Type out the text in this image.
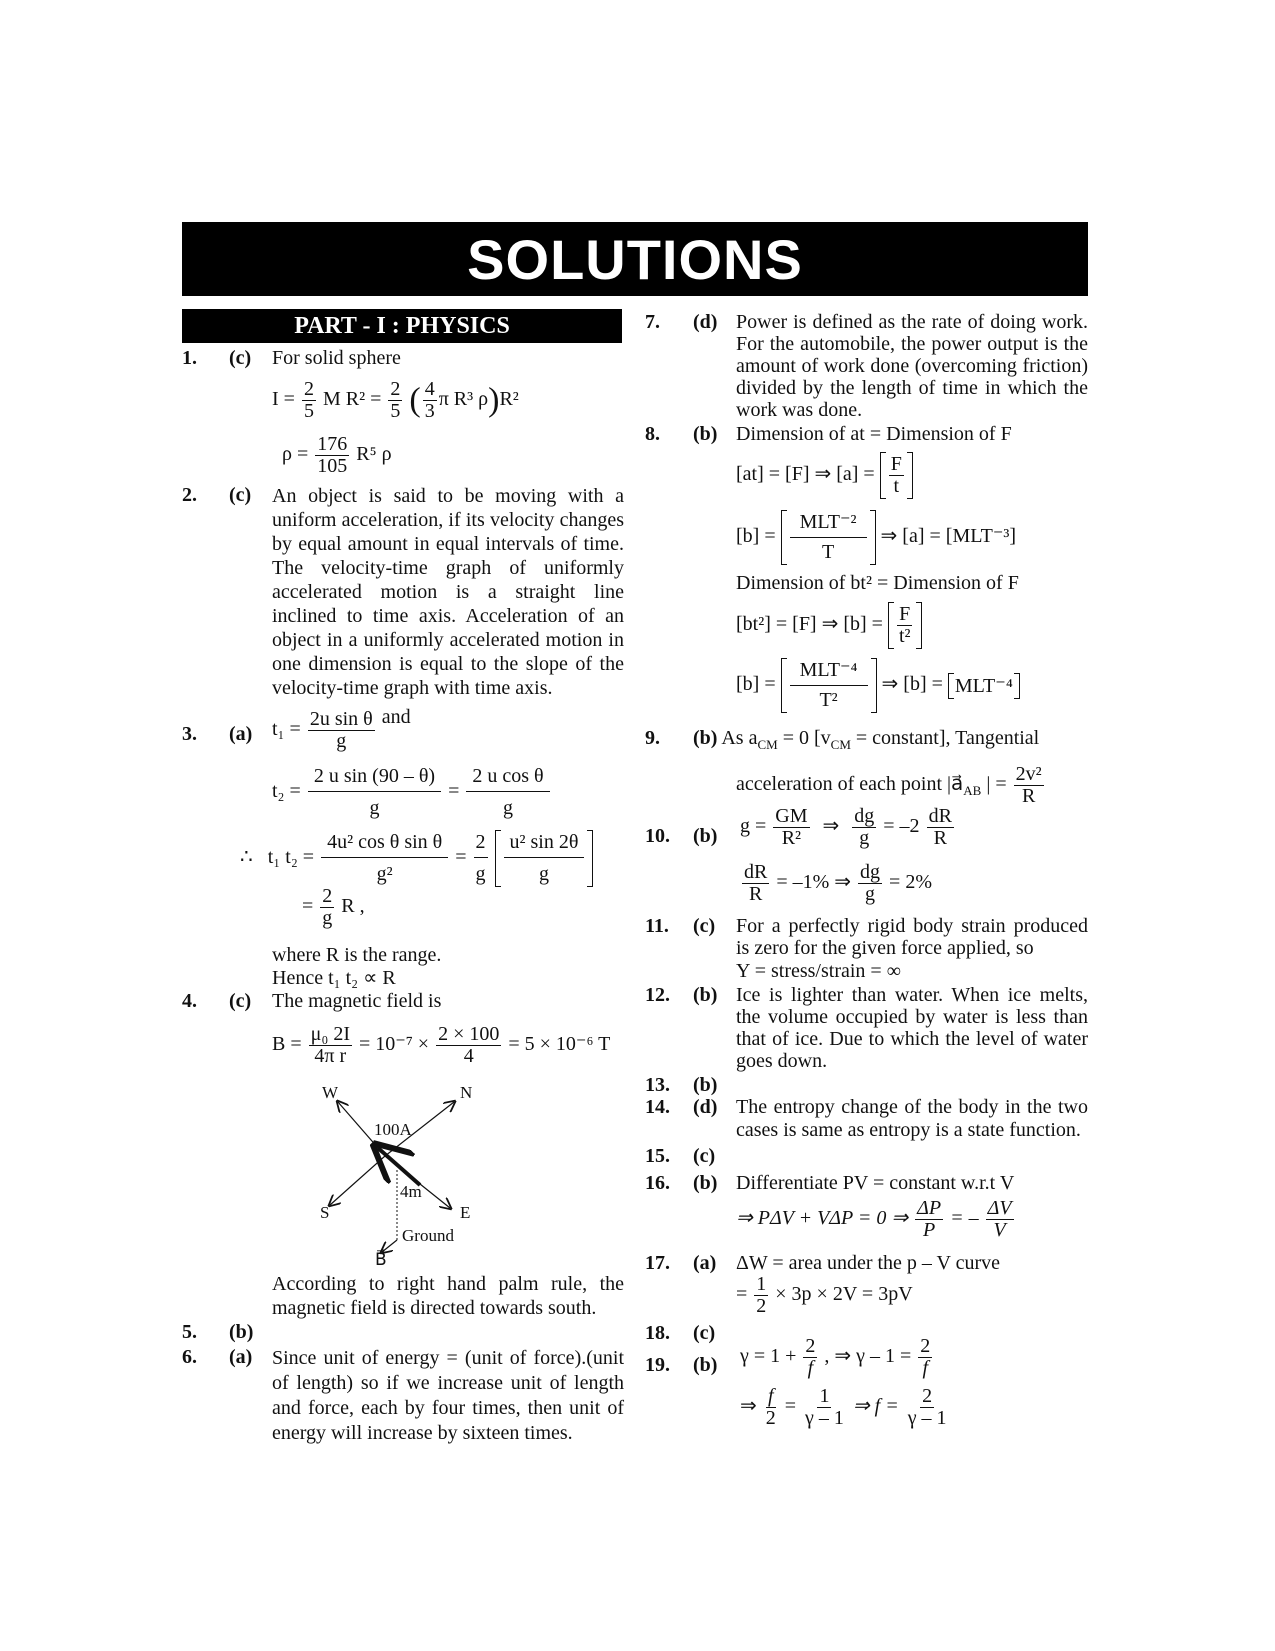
SOLUTIONS
PART - I : PHYSICS
1. (c) For solid sphere
$I = \frac{2}{5}$ M $R^2 = \frac{2}{5}$ ( $\frac{4}{3}$ π R³ ρ)R²
$\rho = \frac{176}{105} R^5$ ρ
2. (c) An object is said to be moving with a uniform acceleration, if its velocity changes by equal amount in equal intervals of time. The velocity-time graph of uniformly accelerated motion is a straight line inclined to time axis. Acceleration of an object in a uniformly accelerated motion in one dimension is equal to the slope of the velocity-time graph with time axis.
3. (a) $t_1 = \frac{\text{2u sin θ}}{g}$ and
$t_2 = \frac{\text{2 u sin (90 – θ)}}{g} = \frac{\text{2 u cos θ}}{g}$
∴ t₁ $t_2 = \frac{\text{4u² cos θ sin θ}}{\text{g²}} = \frac{2}{g}$
$\frac{\text{u² sin 2θ}}{g}$
= $\frac{2}{g}$ R ,
where R is the range.
Hence t₁ t₂ ∝ R
4. (c) The magnetic field is
$B = \frac{\text{μ₀ 2I}}{\text{4π r}} = 10^{-7} \times \frac{2 \times 100}{4} = 5 \times 10^{-6}$ T
W	N
S	E
100A
4m
Ground
B⃗
According to right hand palm rule, the magnetic field is directed towards south.
5. (b)
6. (a) Since unit of energy = (unit of force).(unit of length) so if we increase unit of length and force, each by four times, then unit of energy will increase by sixteen times.
7. (d) Power is defined as the rate of doing work. For the automobile, the power output is the amount of work done (overcoming friction) divided by the length of time in which the work was done.
8. (b) Dimension of at = Dimension of F
[at] = [F] ⇒ $[a] = \frac{F}{t}$
$[b] = \frac{\text{MLT⁻²}}{T}$ ⇒ [a] = [MLT⁻³]
Dimension of bt² = Dimension of F
[bt²] = [F] ⇒ $[b] = \frac{F}{\text{t²}}$
$[b] = \frac{\text{MLT⁻⁴}}{\text{T²}}$ ⇒ [b] = MLT⁻⁴
9. (b) As $a_{CM} = 0$ [$v_{CM}$ = constant], Tangential
acceleration of each point $|a⃗_{AB}$ | = $\frac{\text{2v²}}{R}$
10. (b) $g = \frac{GM}{\text{R²}}$ ⇒ $\frac{dg}{g} = -2 \frac{dR}{R}$
$\frac{dR}{R} = -1\%$ ⇒ $\frac{dg}{g} = 2\%$
11. (c) For a perfectly rigid body strain produced is zero for the given force applied, so
Y = stress/strain = ∞
12. (b) Ice is lighter than water. When ice melts, the volume occupied by water is less than that of ice. Due to which the level of water goes down.
13. (b)
14. (d) The entropy change of the body in the two cases is same as entropy is a state function.
15. (c)
16. (b) Differentiate PV = constant w.r.t V
⇒ PΔV + VΔP = 0 ⇒ $\frac{\Delta P}{P}$ = – $\frac{\Delta V}{V}$
17. (a) ΔW = area under the p – V curve
= $\frac{1}{2} \times 3p \times 2V = 3pV$
18. (c)
19. (b) $\gamma = 1 + \frac{2}{f}$ , ⇒ $\gamma - 1 = \frac{2}{f}$
⇒ $\frac{f}{2} = \frac{1}{\gamma - 1}$ ⇒ $f = \frac{2}{\gamma - 1}$
